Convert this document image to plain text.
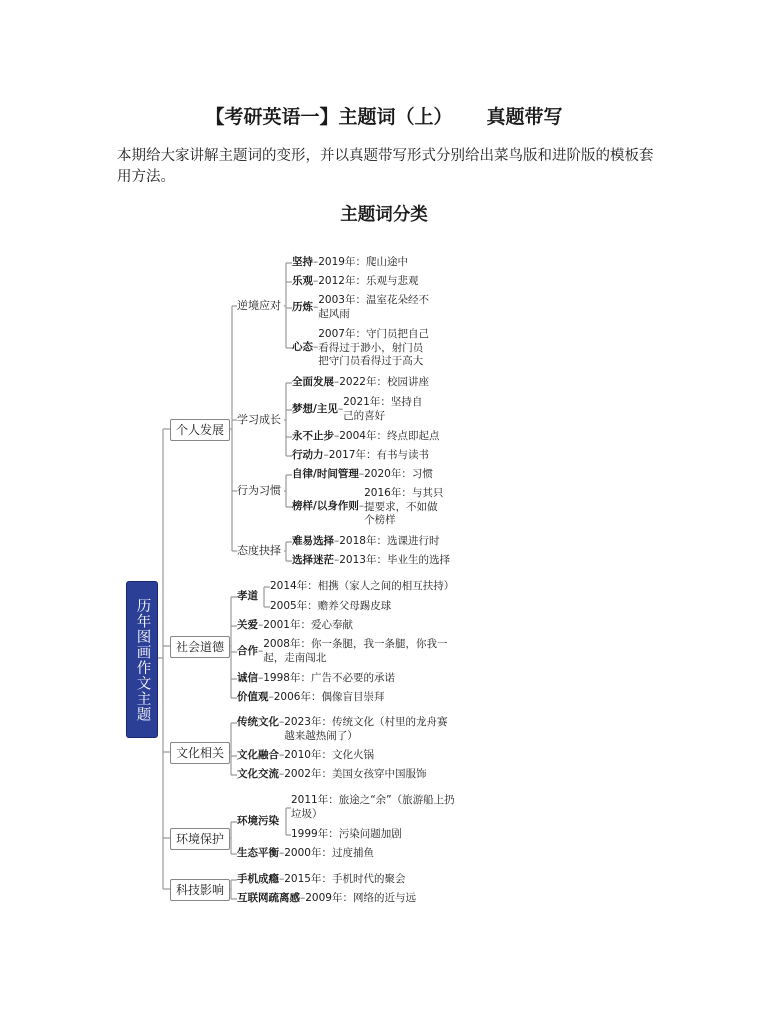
【考研英语一】主题词（上） 真题带写
本期给大家讲解主题词的变形，并以真题带写形式分别给出菜鸟版和进阶版的模板套用方法。
主题词分类
历年图画作文主题
个人发展
社会道德
文化相关
环境保护
科技影响
逆境应对
学习成长
行为习惯
态度抉择
坚持–2019年：爬山途中
乐观–2012年：乐观与悲观
历炼–2003年：温室花朵经不
起风雨
心态–2007年：守门员把自己
看得过于渺小，射门员
把守门员看得过于高大
全面发展–2022年：校园讲座
梦想/主见–2021年：坚持自
己的喜好
永不止步–2004年：终点即起点
行动力–2017年：有书与读书
自律/时间管理–2020年：习惯
榜样/以身作则–2016年：与其只
提要求，不如做
个榜样
难易选择–2018年：选课进行时
选择迷茫–2013年：毕业生的选择
孝道
2014年：相携（家人之间的相互扶持）
2005年：赡养父母踢皮球
关爱–2001年：爱心奉献
合作–2008年：你一条腿，我一条腿，你我一
起，走南闯北
诚信–1998年：广告不必要的承诺
价值观–2006年：偶像盲目崇拜
传统文化–2023年：传统文化（村里的龙舟赛
越来越热闹了）
文化融合–2010年：文化火锅
文化交流–2002年：美国女孩穿中国服饰
环境污染
2011年：旅途之“余”（旅游船上扔
垃圾）
1999年：污染问题加剧
生态平衡–2000年：过度捕鱼
手机成瘾–2015年：手机时代的聚会
互联网疏离感–2009年：网络的近与远
